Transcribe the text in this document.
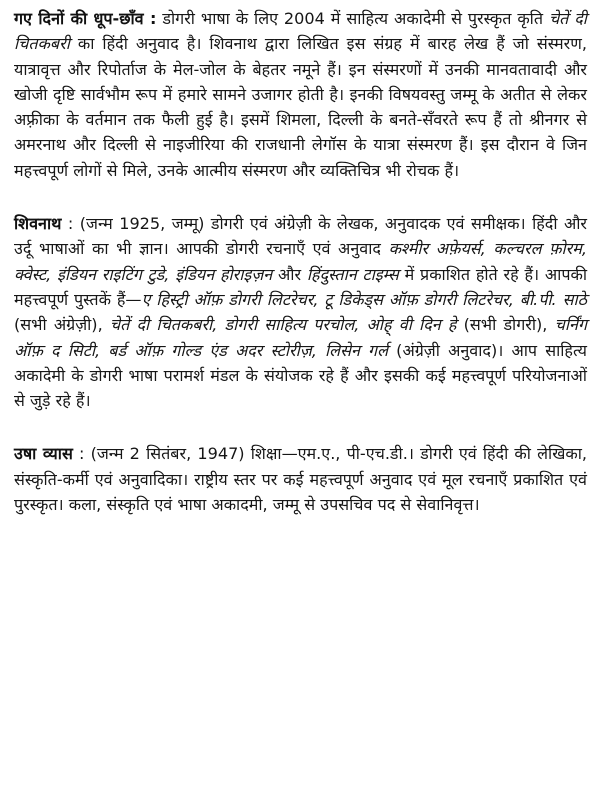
गए दिनों की धूप-छाँव : डोगरी भाषा के लिए 2004 में साहित्य अकादेमी से पुरस्कृत कृति चेतें दी चितकबरी का हिंदी अनुवाद है। शिवनाथ द्वारा लिखित इस संग्रह में बारह लेख हैं जो संस्मरण, यात्रावृत्त और रिपोर्ताज के मेल-जोल के बेहतर नमूने हैं। इन संस्मरणों में उनकी मानवतावादी और खोजी दृष्टि सार्वभौम रूप में हमारे सामने उजागर होती है। इनकी विषयवस्तु जम्मू के अतीत से लेकर अफ़्रीका के वर्तमान तक फैली हुई है। इसमें शिमला, दिल्ली के बनते-सँवरते रूप हैं तो श्रीनगर से अमरनाथ और दिल्ली से नाइजीरिया की राजधानी लेगॉस के यात्रा संस्मरण हैं। इस दौरान वे जिन महत्त्वपूर्ण लोगों से मिले, उनके आत्मीय संस्मरण और व्यक्तिचित्र भी रोचक हैं।

शिवनाथ : (जन्म 1925, जम्मू) डोगरी एवं अंग्रेज़ी के लेखक, अनुवादक एवं समीक्षक। हिंदी और उर्दू भाषाओं का भी ज्ञान। आपकी डोगरी रचनाएँ एवं अनुवाद कश्मीर अफ़ेयर्स, कल्चरल फ़ोरम, क्वेस्ट, इंडियन राइटिंग टुडे, इंडियन होराइज़न और हिंदुस्तान टाइम्स में प्रकाशित होते रहे हैं। आपकी महत्त्वपूर्ण पुस्तकें हैं—ए हिस्ट्री ऑफ़ डोगरी लिटरेचर, टू डिकेड्स ऑफ़ डोगरी लिटरेचर, बी.पी. साठे (सभी अंग्रेज़ी), चेतें दी चितकबरी, डोगरी साहित्य परचोल, ओह् वी दिन हे (सभी डोगरी), चर्निंग ऑफ़ द सिटी, बर्ड ऑफ़ गोल्ड एंड अदर स्टोरीज़, लिसेन गर्ल (अंग्रेज़ी अनुवाद)। आप साहित्य अकादेमी के डोगरी भाषा परामर्श मंडल के संयोजक रहे हैं और इसकी कई महत्त्वपूर्ण परियोजनाओं से जुड़े रहे हैं।

उषा व्यास : (जन्म 2 सितंबर, 1947) शिक्षा—एम.ए., पी-एच.डी.। डोगरी एवं हिंदी की लेखिका, संस्कृति-कर्मी एवं अनुवादिका। राष्ट्रीय स्तर पर कई महत्त्वपूर्ण अनुवाद एवं मूल रचनाएँ प्रकाशित एवं पुरस्कृत। कला, संस्कृति एवं भाषा अकादमी, जम्मू से उपसचिव पद से सेवानिवृत्त।
